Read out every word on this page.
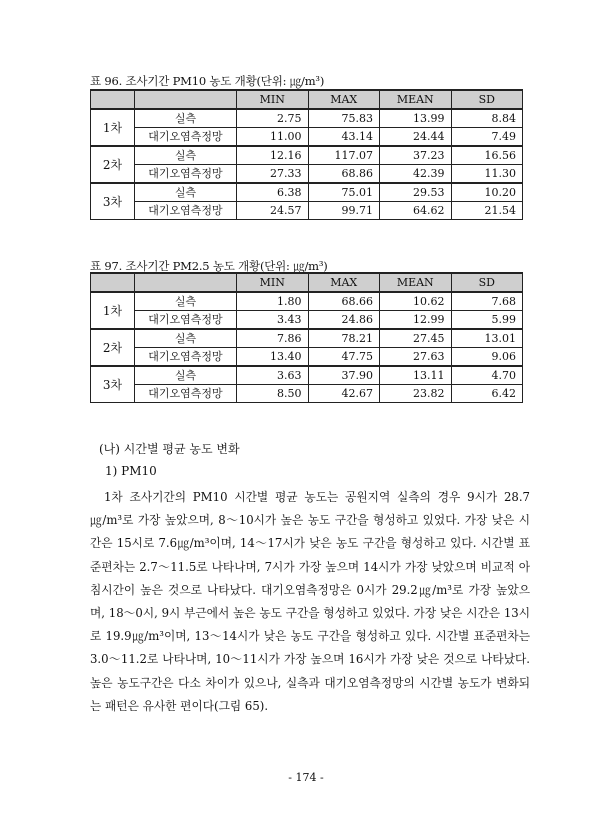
표 96. 조사기간 PM10 농도 개황(단위: ㎍/m³)
		MIN	MAX	MEAN	SD
1차	실측	2.75	75.83	13.99	8.84
	대기오염측정망	11.00	43.14	24.44	7.49
2차	실측	12.16	117.07	37.23	16.56
	대기오염측정망	27.33	68.86	42.39	11.30
3차	실측	6.38	75.01	29.53	10.20
	대기오염측정망	24.57	99.71	64.62	21.54
표 97. 조사기간 PM2.5 농도 개황(단위: ㎍/m³)
		MIN	MAX	MEAN	SD
1차	실측	1.80	68.66	10.62	7.68
	대기오염측정망	3.43	24.86	12.99	5.99
2차	실측	7.86	78.21	27.45	13.01
	대기오염측정망	13.40	47.75	27.63	9.06
3차	실측	3.63	37.90	13.11	4.70
	대기오염측정망	8.50	42.67	23.82	6.42
(나) 시간별 평균 농도 변화
1) PM10
1차 조사기간의 PM10 시간별 평균 농도는 공원지역 실측의 경우 9시가 28.7㎍/m³로 가장 높았으며, 8～10시가 높은 농도 구간을 형성하고 있었다. 가장 낮은 시간은 15시로 7.6㎍/m³이며, 14～17시가 낮은 농도 구간을 형성하고 있다. 시간별 표준편차는 2.7～11.5로 나타나며, 7시가 가장 높으며 14시가 가장 낮았으며 비교적 아침시간이 높은 것으로 나타났다. 대기오염측정망은 0시가 29.2㎍/m³로 가장 높았으며, 18～0시, 9시 부근에서 높은 농도 구간을 형성하고 있었다. 가장 낮은 시간은 13시로 19.9㎍/m³이며, 13～14시가 낮은 농도 구간을 형성하고 있다. 시간별 표준편차는 3.0～11.2로 나타나며, 10～11시가 가장 높으며 16시가 가장 낮은 것으로 나타났다. 높은 농도구간은 다소 차이가 있으나, 실측과 대기오염측정망의 시간별 농도가 변화되는 패턴은 유사한 편이다(그림 65).
- 174 -
